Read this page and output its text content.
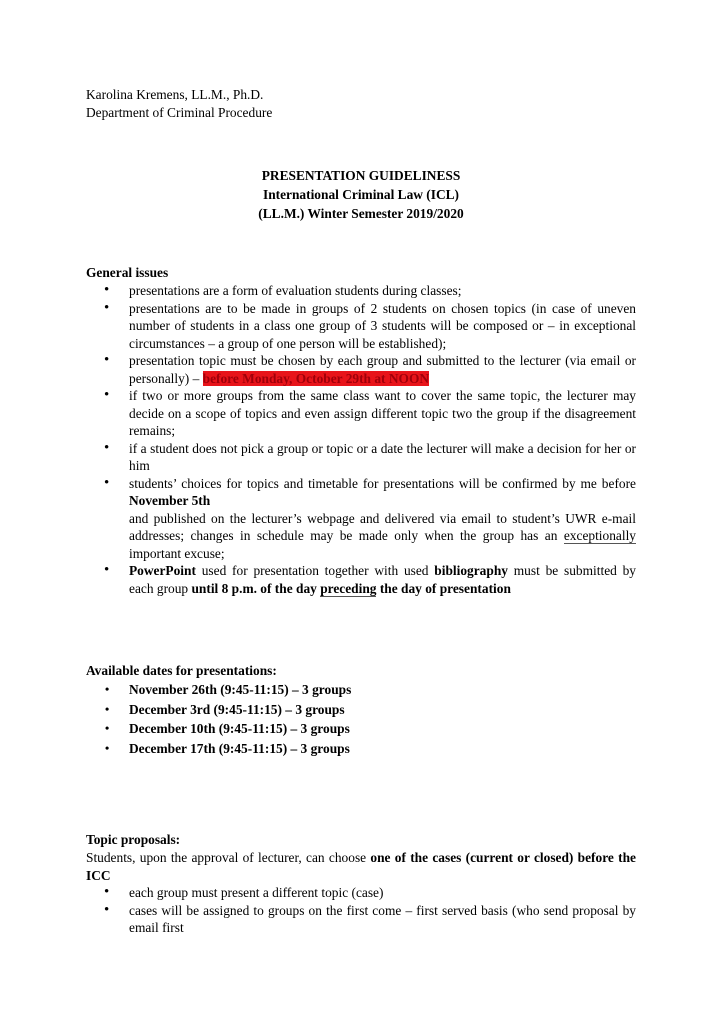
Karolina Kremens, LL.M., Ph.D.
Department of Criminal Procedure
PRESENTATION GUIDELINESS
International Criminal Law (ICL)
(LL.M.) Winter Semester 2019/2020
General issues
• presentations are a form of evaluation students during classes;
• presentations are to be made in groups of 2 students on chosen topics (in case of uneven number of students in a class one group of 3 students will be composed or – in exceptional circumstances – a group of one person will be established);
• presentation topic must be chosen by each group and submitted to the lecturer (via email or personally) – before Monday, October 29th at NOON
• if two or more groups from the same class want to cover the same topic, the lecturer may decide on a scope of topics and even assign different topic two the group if the disagreement remains;
• if a student does not pick a group or topic or a date the lecturer will make a decision for her or him
• students’ choices for topics and timetable for presentations will be confirmed by me before November 5th
and published on the lecturer’s webpage and delivered via email to student’s UWR e-mail addresses; changes in schedule may be made only when the group has an exceptionally important excuse;
• PowerPoint used for presentation together with used bibliography must be submitted by each group until 8 p.m. of the day preceding the day of presentation
Available dates for presentations:
• November 26th (9:45-11:15) – 3 groups
• December 3rd (9:45-11:15) – 3 groups
• December 10th (9:45-11:15) – 3 groups
• December 17th (9:45-11:15) – 3 groups
Topic proposals:
Students, upon the approval of lecturer, can choose one of the cases (current or closed) before the ICC
• each group must present a different topic (case)
• cases will be assigned to groups on the first come – first served basis (who send proposal by email first
